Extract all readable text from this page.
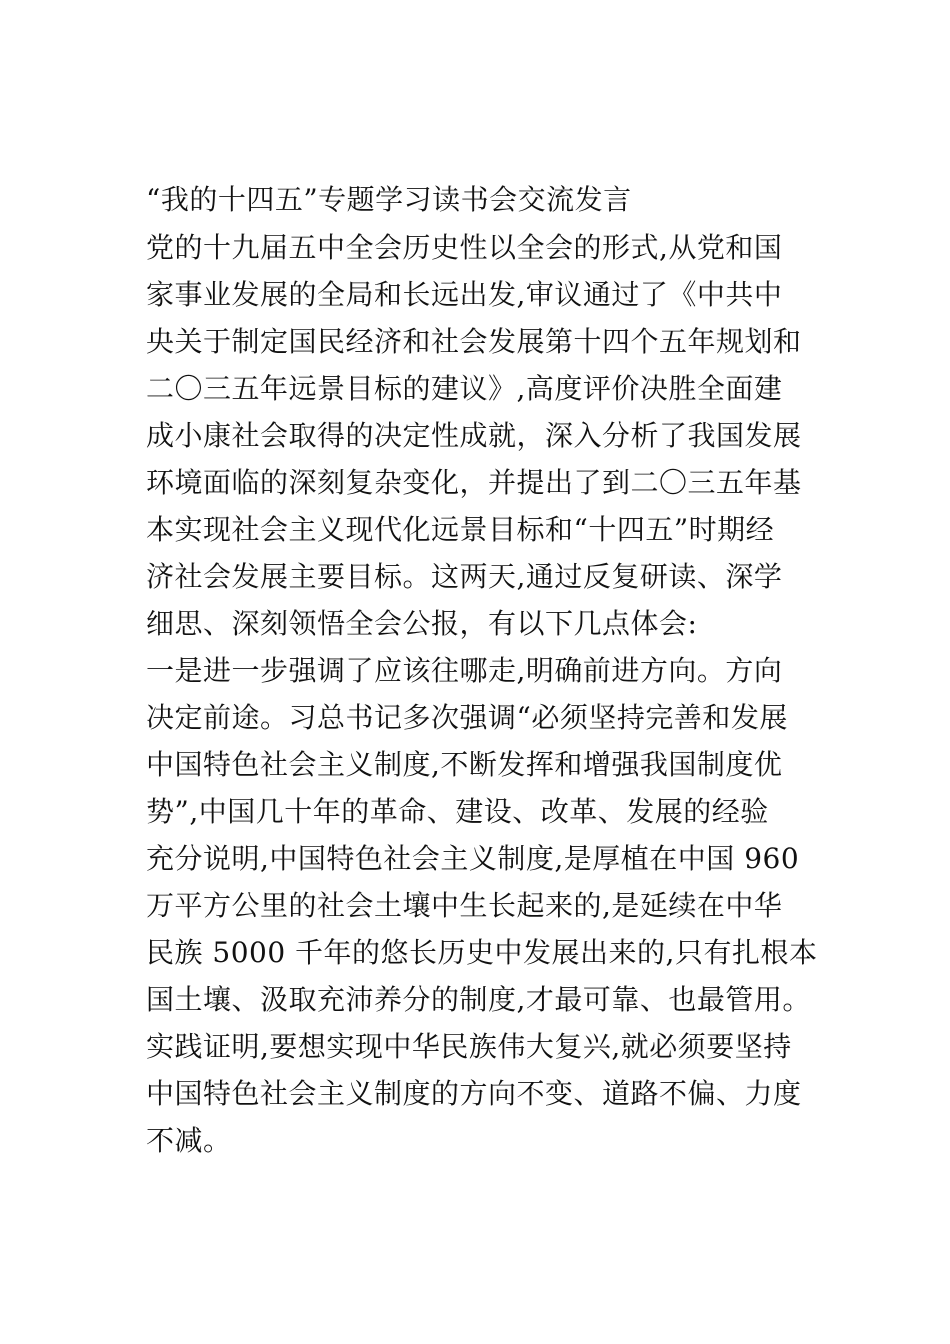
“我的十四五”专题学习读书会交流发言
党的十九届五中全会历史性以全会的形式,从党和国
家事业发展的全局和长远出发,审议通过了《中共中
央关于制定国民经济和社会发展第十四个五年规划和
二〇三五年远景目标的建议》,高度评价决胜全面建
成小康社会取得的决定性成就，深入分析了我国发展
环境面临的深刻复杂变化，并提出了到二〇三五年基
本实现社会主义现代化远景目标和“十四五”时期经
济社会发展主要目标。这两天,通过反复研读、深学
细思、深刻领悟全会公报，有以下几点体会:
一是进一步强调了应该往哪走,明确前进方向。方向
决定前途。习总书记多次强调“必须坚持完善和发展
中国特色社会主义制度,不断发挥和增强我国制度优
势”,中国几十年的革命、建设、改革、发展的经验
充分说明,中国特色社会主义制度,是厚植在中国 960
万平方公里的社会土壤中生长起来的,是延续在中华
民族 5000 千年的悠长历史中发展出来的,只有扎根本
国土壤、汲取充沛养分的制度,才最可靠、也最管用。
实践证明,要想实现中华民族伟大复兴,就必须要坚持
中国特色社会主义制度的方向不变、道路不偏、力度
不减。
